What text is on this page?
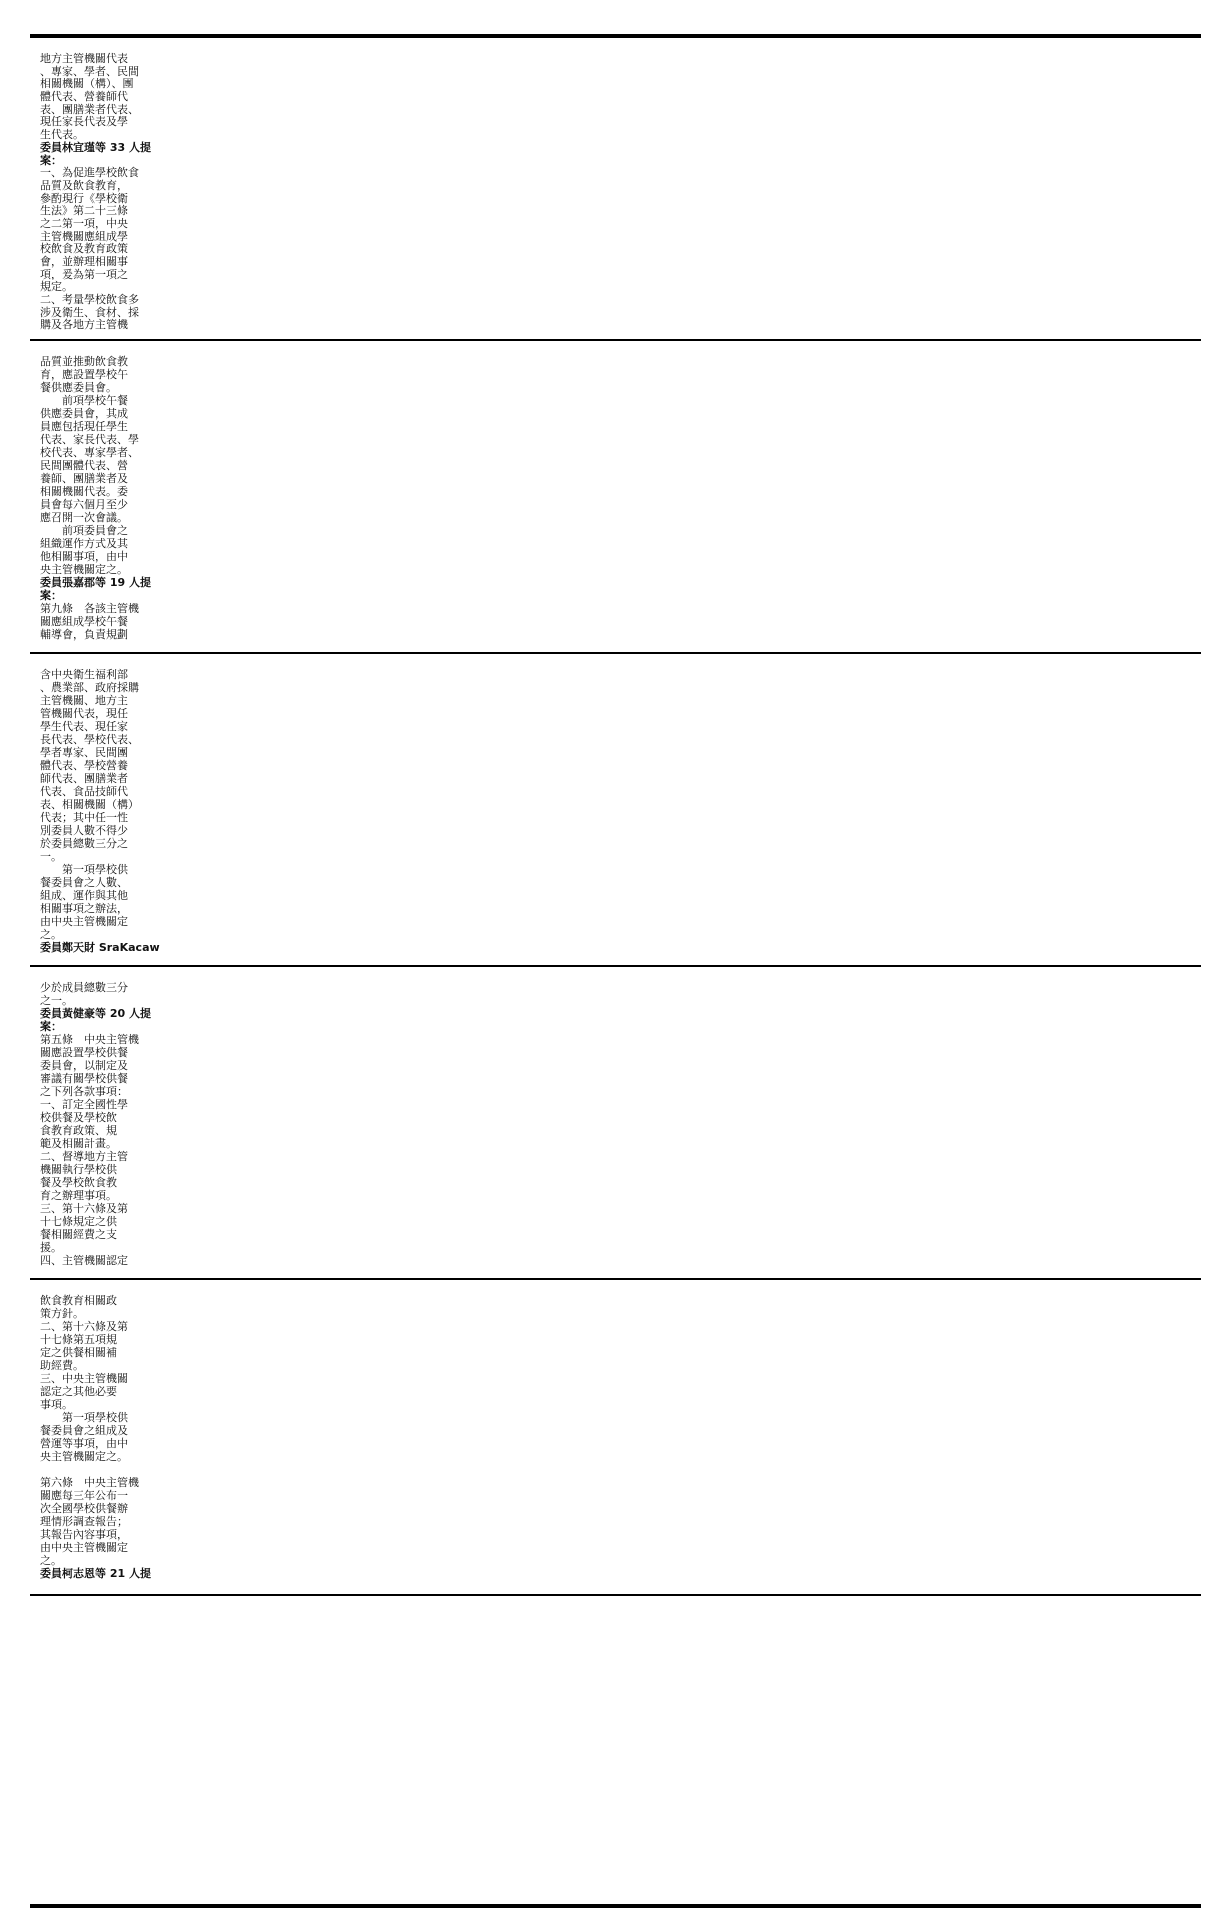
地方主管機關代表
、專家、學者、民間
相關機關（構）、團
體代表、營養師代
表、團膳業者代表、
現任家長代表及學
生代表。
委員林宜瑾等 33 人提
案：
一、為促進學校飲食
品質及飲食教育，
參酌現行《學校衛
生法》第二十三條
之二第一項，中央
主管機關應組成學
校飲食及教育政策
會，並辦理相關事
項，爰為第一項之
規定。
二、考量學校飲食多
涉及衛生、食材、採
購及各地方主管機
品質並推動飲食教
育，應設置學校午
餐供應委員會。
　　前項學校午餐
供應委員會，其成
員應包括現任學生
代表、家長代表、學
校代表、專家學者、
民間團體代表、營
養師、團膳業者及
相關機關代表。委
員會每六個月至少
應召開一次會議。
　　前項委員會之
組織運作方式及其
他相關事項，由中
央主管機關定之。
委員張嘉郡等 19 人提
案：
第九條　各該主管機
關應組成學校午餐
輔導會，負責規劃
含中央衛生福利部
、農業部、政府採購
主管機關、地方主
管機關代表，現任
學生代表、現任家
長代表、學校代表、
學者專家、民間團
體代表、學校營養
師代表、團膳業者
代表、食品技師代
表、相關機關（構）
代表；其中任一性
別委員人數不得少
於委員總數三分之
一。
　　第一項學校供
餐委員會之人數、
組成、運作與其他
相關事項之辦法，
由中央主管機關定
之。
委員鄭天財 SraKacaw
少於成員總數三分
之一。
委員黃健豪等 20 人提
案：
第五條　中央主管機
關應設置學校供餐
委員會，以制定及
審議有關學校供餐
之下列各款事項：
一、訂定全國性學
校供餐及學校飲
食教育政策、規
範及相關計畫。
二、督導地方主管
機關執行學校供
餐及學校飲食教
育之辦理事項。
三、第十六條及第
十七條規定之供
餐相關經費之支
援。
四、主管機關認定
飲食教育相關政
策方針。
二、第十六條及第
十七條第五項規
定之供餐相關補
助經費。
三、中央主管機關
認定之其他必要
事項。
　　第一項學校供
餐委員會之組成及
營運等事項，由中
央主管機關定之。
第六條　中央主管機
關應每三年公布一
次全國學校供餐辦
理情形調查報告；
其報告內容事項，
由中央主管機關定
之。
委員柯志恩等 21 人提
